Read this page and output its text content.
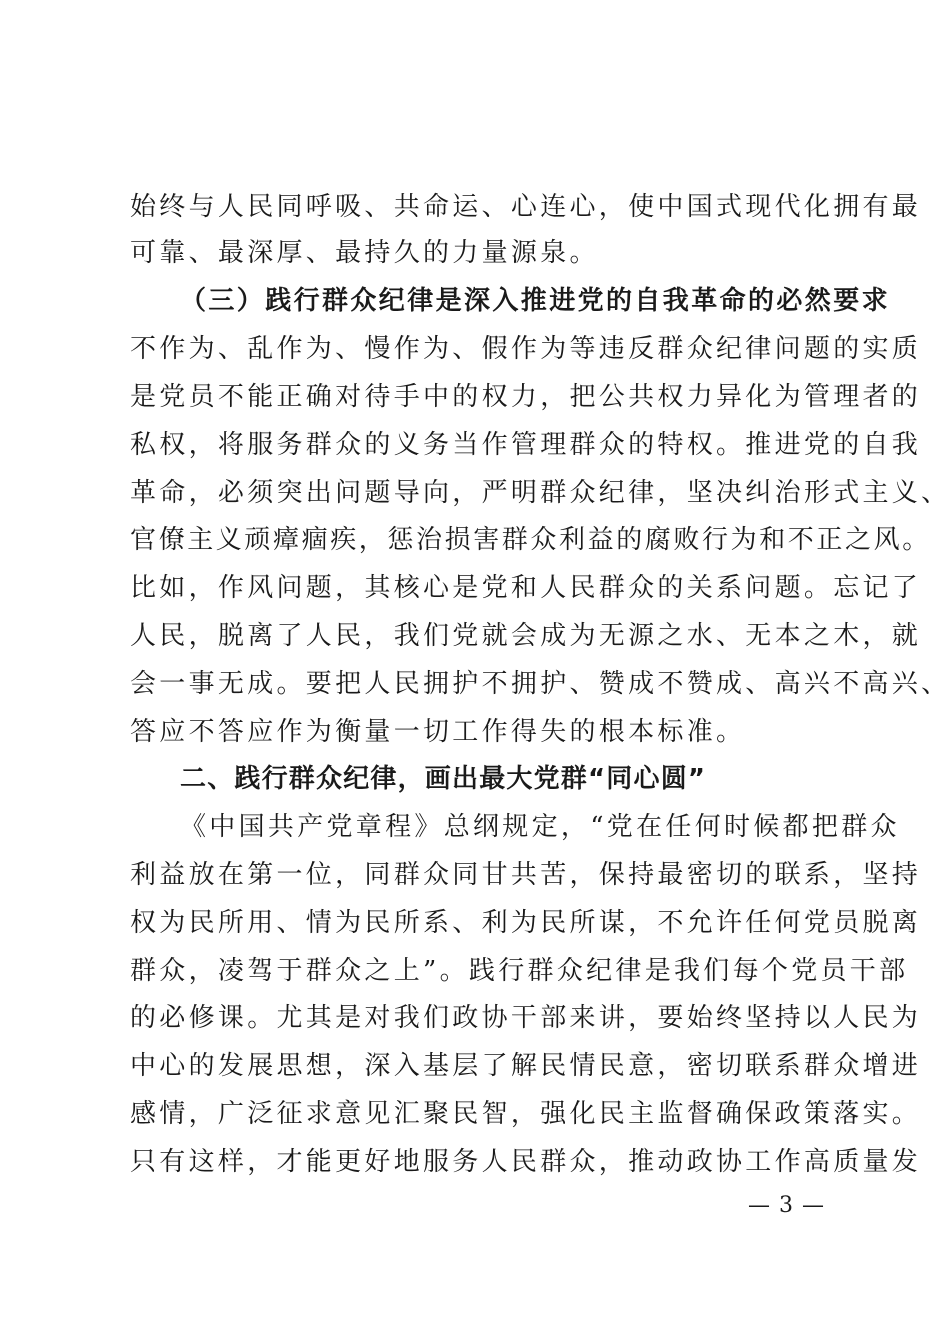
始终与人民同呼吸、共命运、心连心，使中国式现代化拥有最
可靠、最深厚、最持久的力量源泉。
（三）践行群众纪律是深入推进党的自我革命的必然要求
不作为、乱作为、慢作为、假作为等违反群众纪律问题的实质
是党员不能正确对待手中的权力，把公共权力异化为管理者的
私权，将服务群众的义务当作管理群众的特权。推进党的自我
革命，必须突出问题导向，严明群众纪律，坚决纠治形式主义、
官僚主义顽瘴痼疾，惩治损害群众利益的腐败行为和不正之风。
比如，作风问题，其核心是党和人民群众的关系问题。忘记了
人民，脱离了人民，我们党就会成为无源之水、无本之木，就
会一事无成。要把人民拥护不拥护、赞成不赞成、高兴不高兴、
答应不答应作为衡量一切工作得失的根本标准。
二、践行群众纪律，画出最大党群“同心圆”
《中国共产党章程》总纲规定，“党在任何时候都把群众
利益放在第一位，同群众同甘共苦，保持最密切的联系，坚持
权为民所用、情为民所系、利为民所谋，不允许任何党员脱离
群众，凌驾于群众之上”。践行群众纪律是我们每个党员干部
的必修课。尤其是对我们政协干部来讲，要始终坚持以人民为
中心的发展思想，深入基层了解民情民意，密切联系群众增进
感情，广泛征求意见汇聚民智，强化民主监督确保政策落实。
只有这样，才能更好地服务人民群众，推动政协工作高质量发
— 3 —
